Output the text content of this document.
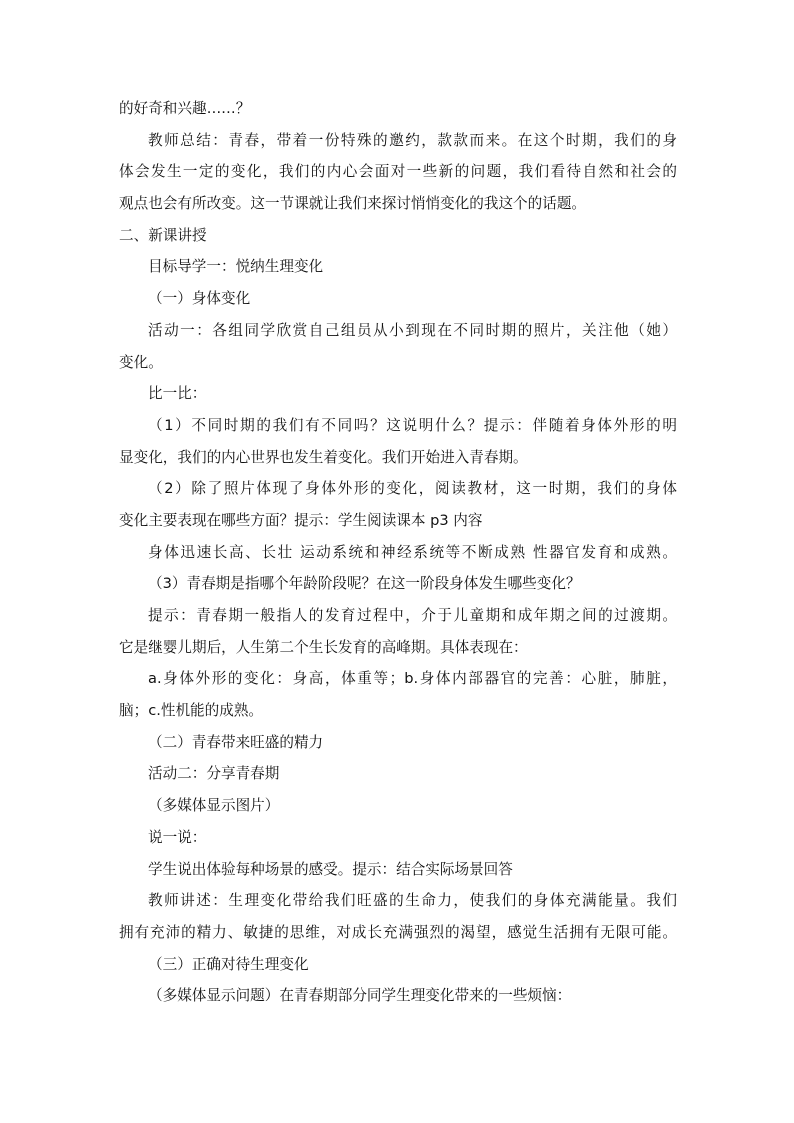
的好奇和兴趣……？
教师总结：青春，带着一份特殊的邀约，款款而来。在这个时期，我们的身
体会发生一定的变化，我们的内心会面对一些新的问题，我们看待自然和社会的
观点也会有所改变。这一节课就让我们来探讨悄悄变化的我这个的话题。
二、新课讲授
目标导学一：悦纳生理变化
（一）身体变化
活动一：各组同学欣赏自己组员从小到现在不同时期的照片，关注他（她）
变化。
比一比：
（1）不同时期的我们有不同吗？这说明什么？提示：伴随着身体外形的明
显变化，我们的内心世界也发生着变化。我们开始进入青春期。
（2）除了照片体现了身体外形的变化，阅读教材，这一时期，我们的身体
变化主要表现在哪些方面？提示：学生阅读课本 p3 内容
身体迅速长高、长壮 运动系统和神经系统等不断成熟 性器官发育和成熟。
（3）青春期是指哪个年龄阶段呢？在这一阶段身体发生哪些变化？
提示：青春期一般指人的发育过程中，介于儿童期和成年期之间的过渡期。
它是继婴儿期后，人生第二个生长发育的高峰期。具体表现在：
a.身体外形的变化：身高，体重等；b.身体内部器官的完善：心脏，肺脏，
脑；c.性机能的成熟。
（二）青春带来旺盛的精力
活动二：分享青春期
（多媒体显示图片）
说一说：
学生说出体验每种场景的感受。提示：结合实际场景回答
教师讲述：生理变化带给我们旺盛的生命力，使我们的身体充满能量。我们
拥有充沛的精力、敏捷的思维，对成长充满强烈的渴望，感觉生活拥有无限可能。
（三）正确对待生理变化
（多媒体显示问题）在青春期部分同学生理变化带来的一些烦恼：
